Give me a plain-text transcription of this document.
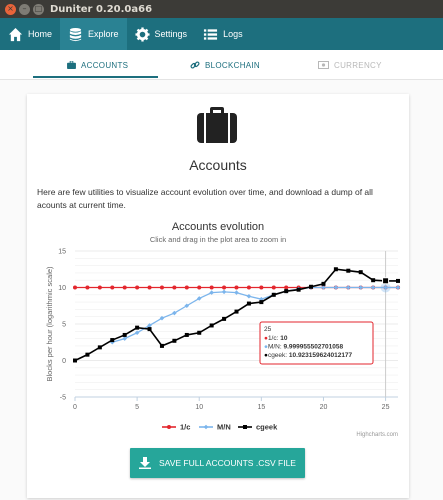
×	–	□ Duniter 0.20.0a66
Home	Explore	Settings	Logs
ACCOUNTS	BLOCKCHAIN	CURRENCY
Accounts
Here are few utilities to visualize account evolution over time, and download a dump of all acounts at current time.
Accounts evolution
Click and drag in the plot area to zoom in
-5
0
5
10
15
0	5	10	15	20	25
Blocks per hour (logarithmic scale)	25
●1/c: 10
●M/N: 9.999955502701058
●cgeek: 10.923159624012177
1/c	M/N	cgeek
Highcharts.com
SAVE FULL ACCOUNTS .CSV FILE
